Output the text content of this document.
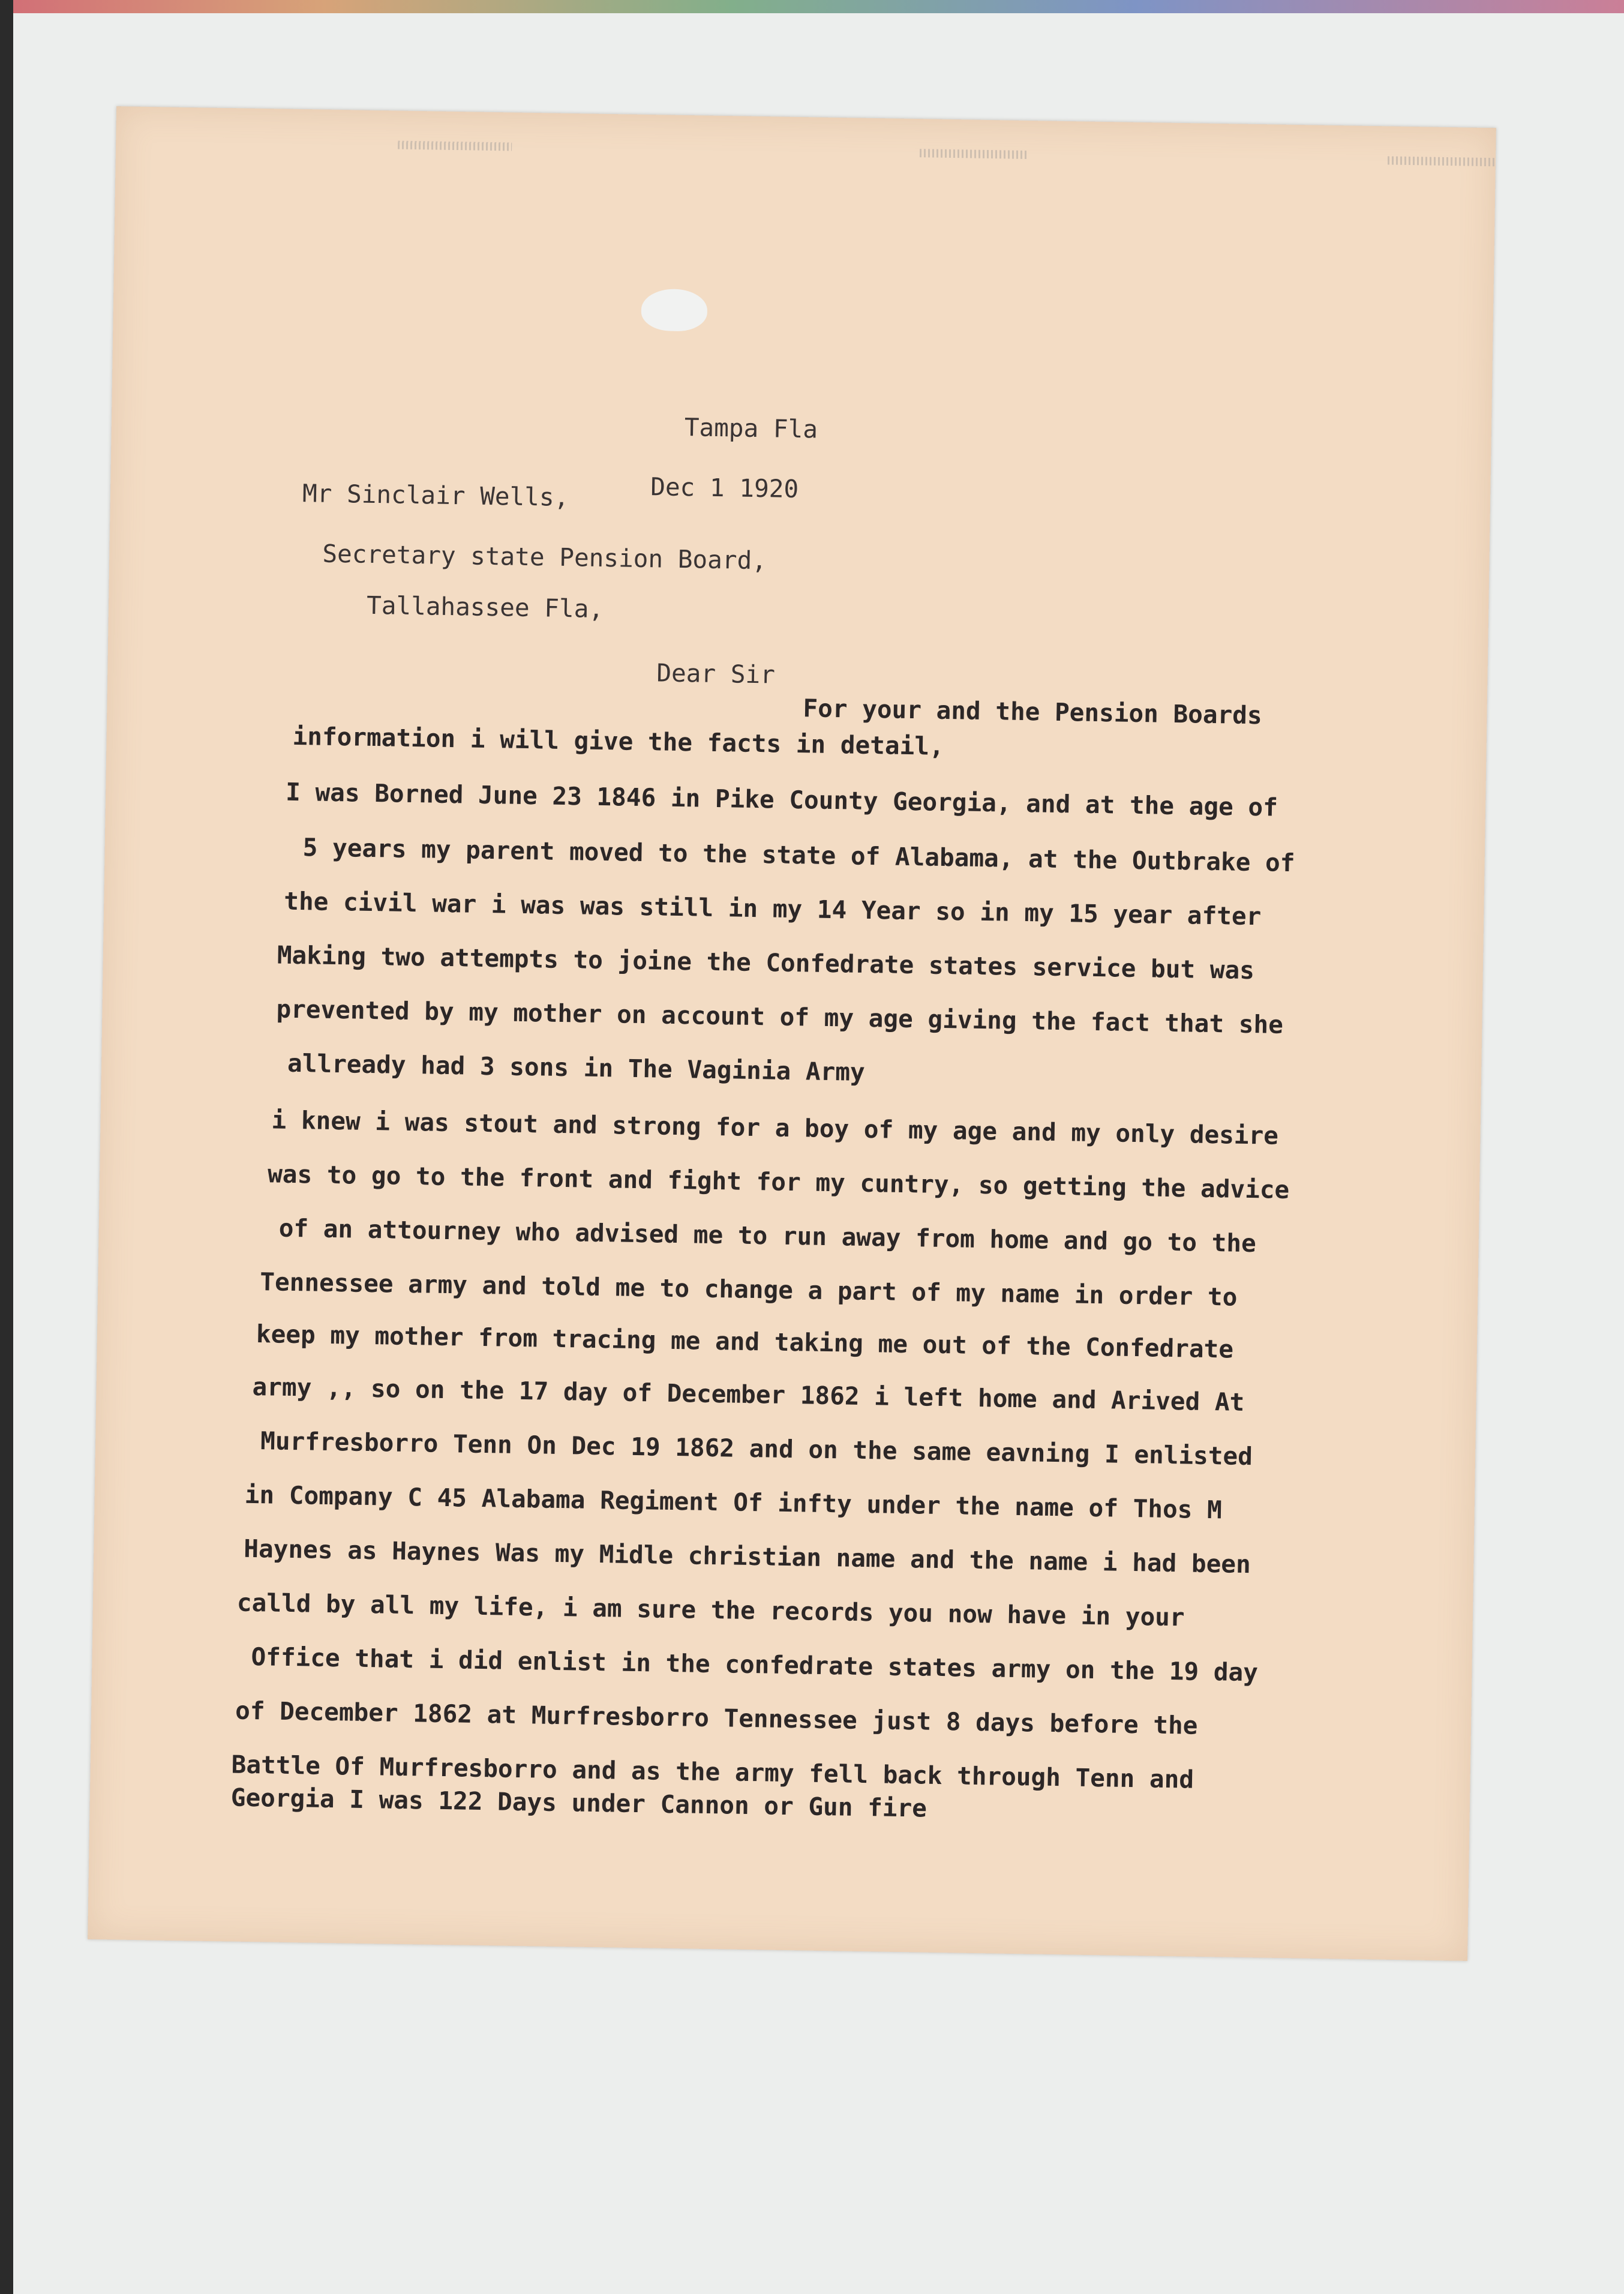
Tampa Fla
Dec 1 1920
Mr Sinclair Wells,
Secretary state Pension Board,
Tallahassee Fla,
Dear Sir
For your and the Pension Boards
information i will give the facts in detail,
I was Borned June 23 1846 in Pike County Georgia, and at the age of
5 years my parent moved to the state of Alabama, at the Outbrake of
the civil war i was was still in my 14 Year so in my 15 year after
Making two attempts to joine the Confedrate states service but was
prevented by my mother on account of my age giving the fact that she
allready had 3 sons in The Vaginia Army
i knew i was stout and strong for a boy of my age and my only desire
was to go to the front and fight for my cuntry, so getting the advice
of an attourney who advised me to run away from home and go to the
Tennessee army and told me to change a part of my name in order to
keep my mother from tracing me and taking me out of the Confedrate
army ,, so on the 17 day of December 1862 i left home and Arived At
Murfresborro Tenn On Dec 19 1862 and on the same eavning I enlisted
in Company C 45 Alabama Regiment Of infty under the name of Thos M
Haynes as Haynes Was my Midle christian name and the name i had been
calld by all my life, i am sure the records you now have in your
Office that i did enlist in the confedrate states army on the 19 day
of December 1862 at Murfresborro Tennessee just 8 days before the
Battle Of Murfresborro and as the army fell back through Tenn and
Georgia I was 122 Days under Cannon or Gun fire
